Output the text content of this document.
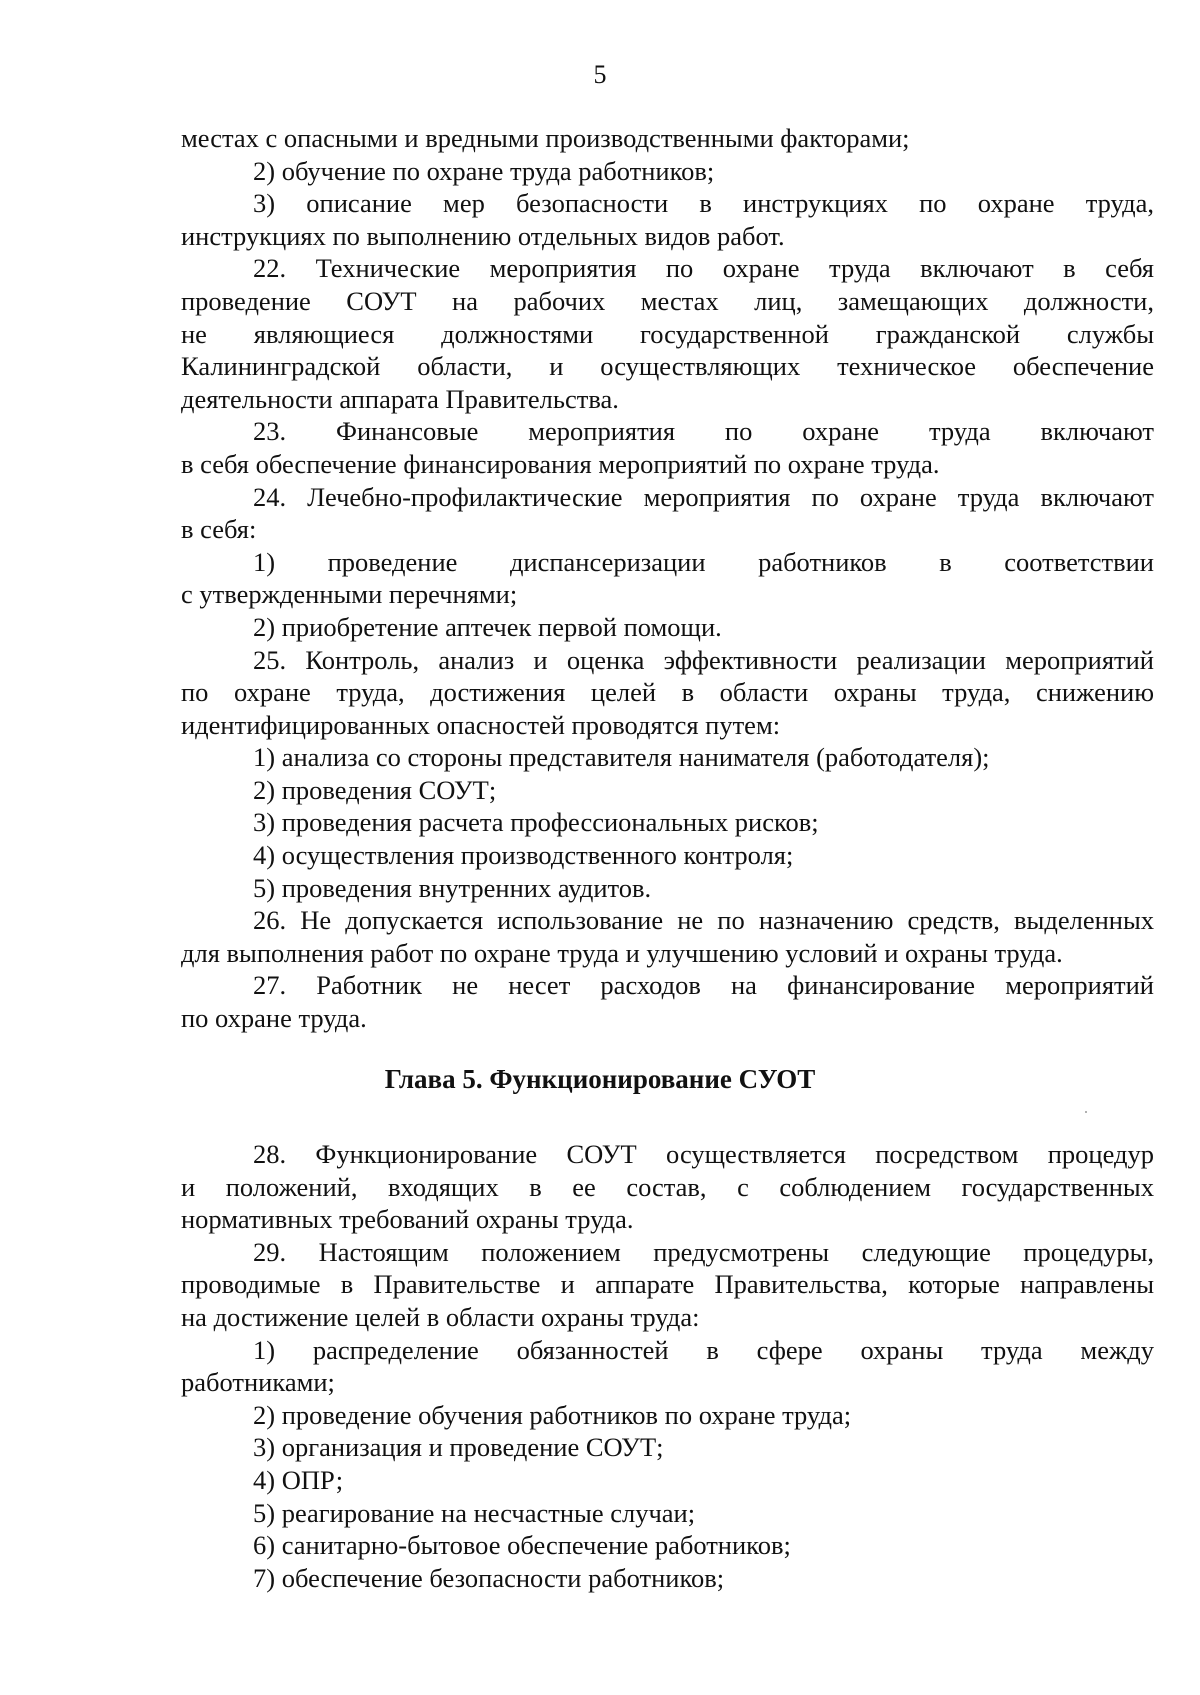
5
местах с опасными и вредными производственными факторами;
2) обучение по охране труда работников;
3) описание мер безопасности в инструкциях по охране труда,
инструкциях по выполнению отдельных видов работ.
22. Технические мероприятия по охране труда включают в себя
проведение СОУТ на рабочих местах лиц, замещающих должности,
не являющиеся должностями государственной гражданской службы
Калининградской области, и осуществляющих техническое обеспечение
деятельности аппарата Правительства.
23. Финансовые мероприятия по охране труда включают
в себя обеспечение финансирования мероприятий по охране труда.
24. Лечебно-профилактические мероприятия по охране труда включают
в себя:
1) проведение диспансеризации работников в соответствии
с утвержденными перечнями;
2) приобретение аптечек первой помощи.
25. Контроль, анализ и оценка эффективности реализации мероприятий
по охране труда, достижения целей в области охраны труда, снижению
идентифицированных опасностей проводятся путем:
1) анализа со стороны представителя нанимателя (работодателя);
2) проведения СОУТ;
3) проведения расчета профессиональных рисков;
4) осуществления производственного контроля;
5) проведения внутренних аудитов.
26. Не допускается использование не по назначению средств, выделенных
для выполнения работ по охране труда и улучшению условий и охраны труда.
27. Работник не несет расходов на финансирование мероприятий
по охране труда.
Глава 5. Функционирование СУОТ
28. Функционирование СОУТ осуществляется посредством процедур
и положений, входящих в ее состав, с соблюдением государственных
нормативных требований охраны труда.
29. Настоящим положением предусмотрены следующие процедуры,
проводимые в Правительстве и аппарате Правительства, которые направлены
на достижение целей в области охраны труда:
1) распределение обязанностей в сфере охраны труда между
работниками;
2) проведение обучения работников по охране труда;
3) организация и проведение СОУТ;
4) ОПР;
5) реагирование на несчастные случаи;
6) санитарно-бытовое обеспечение работников;
7) обеспечение безопасности работников;
